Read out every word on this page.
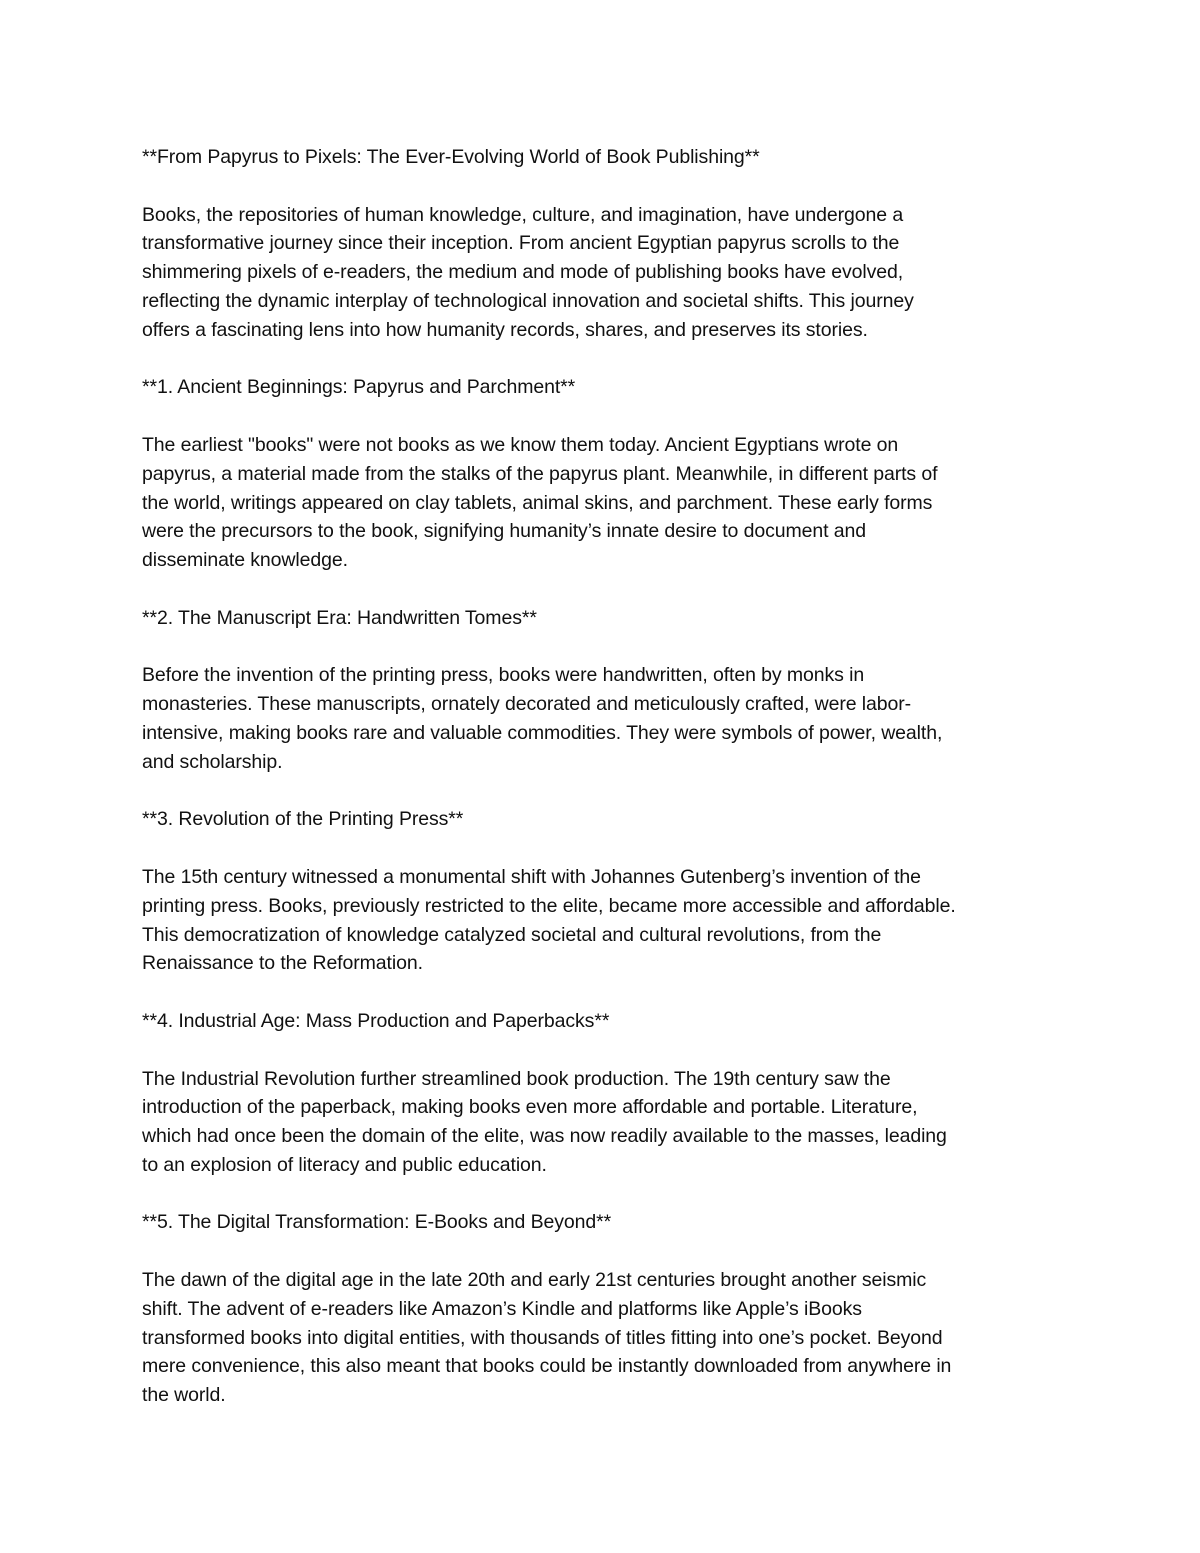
**From Papyrus to Pixels: The Ever-Evolving World of Book Publishing**

Books, the repositories of human knowledge, culture, and imagination, have undergone a
transformative journey since their inception. From ancient Egyptian papyrus scrolls to the
shimmering pixels of e-readers, the medium and mode of publishing books have evolved,
reflecting the dynamic interplay of technological innovation and societal shifts. This journey
offers a fascinating lens into how humanity records, shares, and preserves its stories.

**1. Ancient Beginnings: Papyrus and Parchment**

The earliest "books" were not books as we know them today. Ancient Egyptians wrote on
papyrus, a material made from the stalks of the papyrus plant. Meanwhile, in different parts of
the world, writings appeared on clay tablets, animal skins, and parchment. These early forms
were the precursors to the book, signifying humanity’s innate desire to document and
disseminate knowledge.

**2. The Manuscript Era: Handwritten Tomes**

Before the invention of the printing press, books were handwritten, often by monks in
monasteries. These manuscripts, ornately decorated and meticulously crafted, were labor-
intensive, making books rare and valuable commodities. They were symbols of power, wealth,
and scholarship.

**3. Revolution of the Printing Press**

The 15th century witnessed a monumental shift with Johannes Gutenberg’s invention of the
printing press. Books, previously restricted to the elite, became more accessible and affordable.
This democratization of knowledge catalyzed societal and cultural revolutions, from the
Renaissance to the Reformation.

**4. Industrial Age: Mass Production and Paperbacks**

The Industrial Revolution further streamlined book production. The 19th century saw the
introduction of the paperback, making books even more affordable and portable. Literature,
which had once been the domain of the elite, was now readily available to the masses, leading
to an explosion of literacy and public education.

**5. The Digital Transformation: E-Books and Beyond**

The dawn of the digital age in the late 20th and early 21st centuries brought another seismic
shift. The advent of e-readers like Amazon’s Kindle and platforms like Apple’s iBooks
transformed books into digital entities, with thousands of titles fitting into one’s pocket. Beyond
mere convenience, this also meant that books could be instantly downloaded from anywhere in
the world.
